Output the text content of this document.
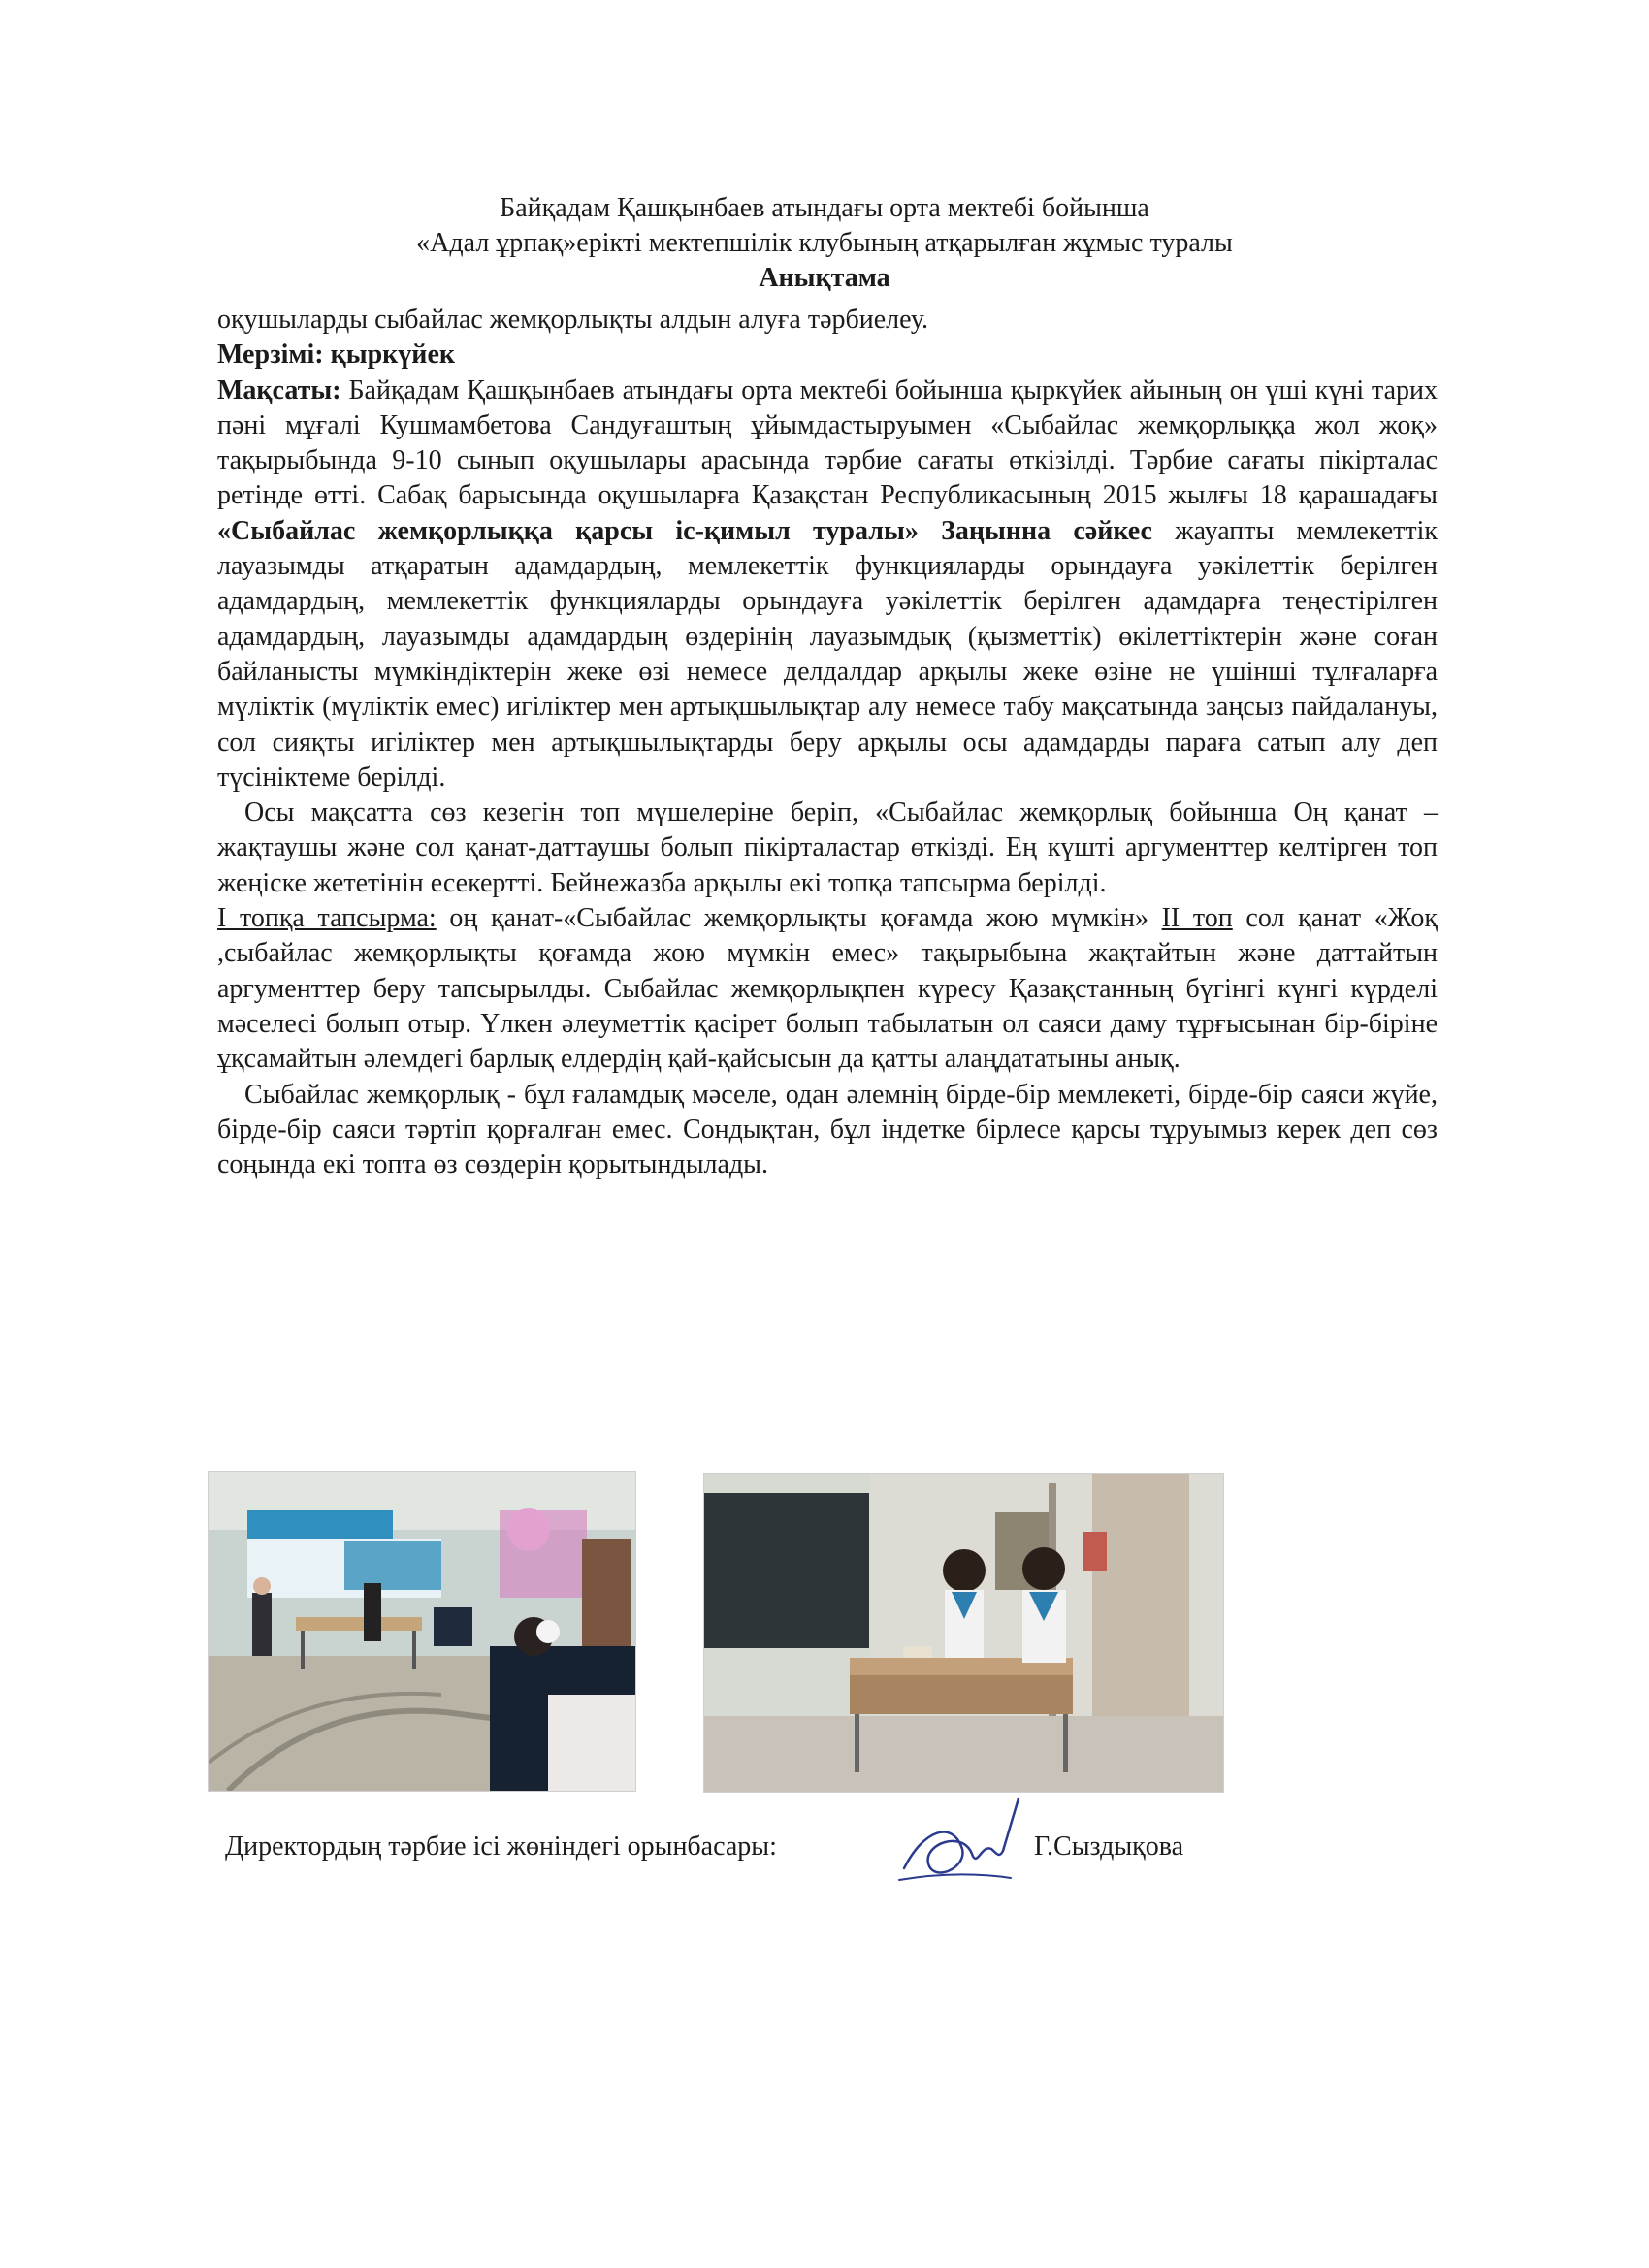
Байқадам Қашқынбаев атындағы орта мектебі бойынша
«Адал ұрпақ»ерікті мектепшілік клубының атқарылған жұмыс туралы
Анықтама

оқушыларды сыбайлас жемқорлықты алдын алуға тәрбиелеу.

Мерзімі: қыркүйек

Мақсаты: Байқадам Қашқынбаев атындағы орта мектебі бойынша қыркүйек айының он үші күні тарих пәні мұғалі Кушмамбетова Сандуғаштың ұйымдастыруымен «Сыбайлас жемқорлыққа жол жоқ» тақырыбында 9-10 сынып оқушылары арасында тәрбие сағаты өткізілді. Тәрбие сағаты пікірталас ретінде өтті. Сабақ барысында оқушыларға Қазақстан Республикасының 2015 жылғы 18 қарашадағы «Сыбайлас жемқорлыққа қарсы іс-қимыл туралы» Заңынна сәйкес жауапты мемлекеттік лауазымды атқаратын адамдардың, мемлекеттік функцияларды орындауға уәкілеттік берілген адамдардың, мемлекеттік функцияларды орындауға уәкілеттік берілген адамдарға теңестірілген адамдардың, лауазымды адамдардың өздерінің лауазымдық (қызметтік) өкілеттіктерін және соған байланысты мүмкіндіктерін жеке өзі немесе делдалдар арқылы жеке өзіне не үшінші тұлғаларға мүліктік (мүліктік емес) игіліктер мен артықшылықтар алу немесе табу мақсатында заңсыз пайдалануы, сол сияқты игіліктер мен артықшылықтарды беру арқылы осы адамдарды параға сатып алу деп түсініктеме берілді.

Осы мақсатта сөз кезегін топ мүшелеріне беріп, «Сыбайлас жемқорлық бойынша Оң қанат –жақтаушы және сол қанат-даттаушы болып пікірталастар өткізді. Ең күшті аргументтер келтірген топ жеңіске жететінін есекертті. Бейнежазба арқылы екі топқа тапсырма берілді.

І топқа тапсырма: оң қанат-«Сыбайлас жемқорлықты қоғамда жою мүмкін» ІІ топ сол қанат «Жоқ ,сыбайлас жемқорлықты қоғамда жою мүмкін емес» тақырыбына жақтайтын және даттайтын аргументтер беру тапсырылды. Сыбайлас жемқорлықпен күресу Қазақстанның бүгінгі күнгі күрделі мәселесі болып отыр. Үлкен әлеуметтік қасірет болып табылатын ол саяси даму тұрғысынан бір-біріне ұқсамайтын әлемдегі барлық елдердің қай-қайсысын да қатты алаңдататыны анық.

Сыбайлас жемқорлық - бұл ғаламдық мәселе, одан әлемнің бірде-бір мемлекеті, бірде-бір саяси жүйе, бірде-бір саяси тәртіп қорғалған емес. Сондықтан, бұл індетке бірлесе қарсы тұруымыз керек деп сөз соңында екі топта өз сөздерін қорытындылады.

Директордың тәрбие ісі жөніндегі орынбасары:	Г.Сыздықова
